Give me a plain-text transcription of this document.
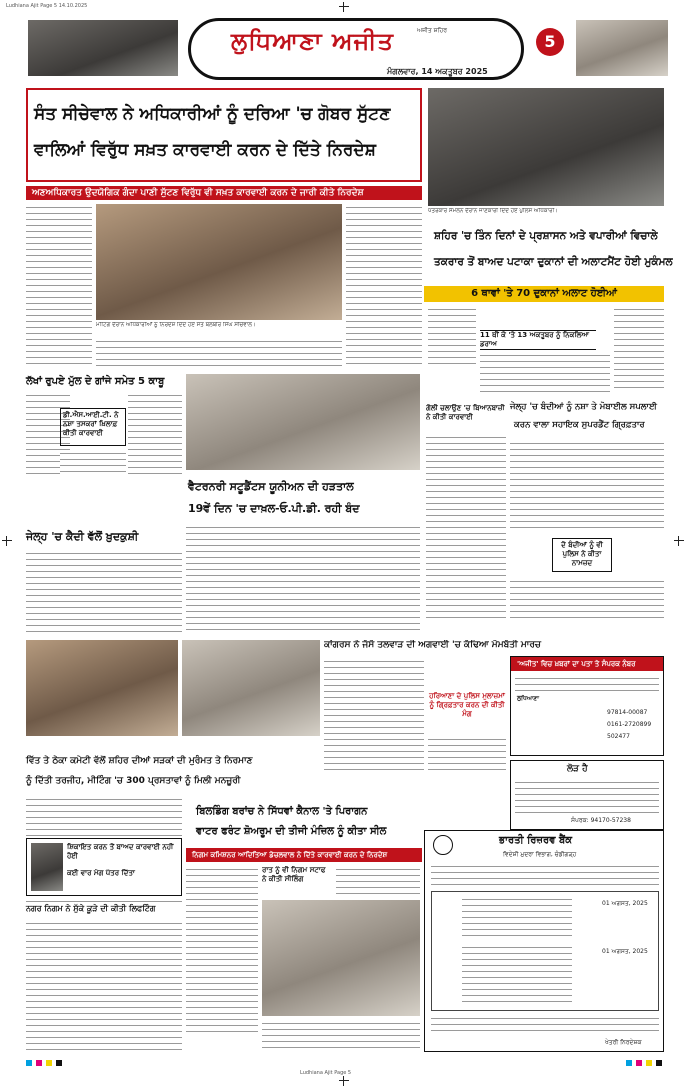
Ludhiana Ajit Page 5 14.10.2025
ਲੁਧਿਆਣਾ ਅਜੀਤ	ਅਜੀਤ ਸ਼ਹਿਰ
ਮੰਗਲਵਾਰ, 14 ਅਕਤੂਬਰ 2025
5
ਸੰਤ ਸੀਚੇਵਾਲ ਨੇ ਅਧਿਕਾਰੀਆਂ ਨੂੰ ਦਰਿਆ 'ਚ ਗੋਬਰ ਸੁੱਟਣ
ਵਾਲਿਆਂ ਵਿਰੁੱਧ ਸਖ਼ਤ ਕਾਰਵਾਈ ਕਰਨ ਦੇ ਦਿੱਤੇ ਨਿਰਦੇਸ਼
ਅਣਅਧਿਕਾਰਤ ਉਦਯੋਗਿਕ ਗੰਦਾ ਪਾਣੀ ਸੁੱਟਣ ਵਿਰੁੱਧ ਵੀ ਸਖ਼ਤ ਕਾਰਵਾਈ ਕਰਨ ਦੇ ਜਾਰੀ ਕੀਤੇ ਨਿਰਦੇਸ਼
ਮੀਟਿੰਗ ਦੌਰਾਨ ਅਧਿਕਾਰੀਆਂ ਨੂੰ ਨਿਰਦੇਸ਼ ਦਿੰਦੇ ਹੋਏ ਸੰਤ ਬਲਬੀਰ ਸਿੰਘ ਸੀਚੇਵਾਲ।
ਪੱਤਰਕਾਰ ਸੰਮੇਲਨ ਦੌਰਾਨ ਜਾਣਕਾਰੀ ਦਿੰਦੇ ਹੋਏ ਪੁਲਿਸ ਅਧਿਕਾਰੀ।
ਸ਼ਹਿਰ 'ਚ ਤਿੰਨ ਦਿਨਾਂ ਦੇ ਪ੍ਰਸ਼ਾਸਨ ਅਤੇ ਵਪਾਰੀਆਂ ਵਿਚਾਲੇ
ਤਕਰਾਰ ਤੋਂ ਬਾਅਦ ਪਟਾਕਾ ਦੁਕਾਨਾਂ ਦੀ ਅਲਾਟਮੈਂਟ ਹੋਈ ਮੁਕੰਮਲ
6 ਥਾਵਾਂ 'ਤੇ 70 ਦੁਕਾਨਾਂ ਅਲਾਟ ਹੋਈਆਂ
11 ਥੀਂ ਕੇ 'ਤੇ 13 ਅਕਤੂਬਰ ਨੂੰ ਨਿਕਲਿਆ ਡਰਾਅ
ਲੱਖਾਂ ਰੁਪਏ ਮੁੱਲ ਦੇ ਗਾਂਜੇ ਸਮੇਤ 5 ਕਾਬੂ
ਡੀ.ਐਸ.ਆਈ.ਟੀ. ਨੇ ਨਸ਼ਾ ਤਸਕਰਾਂ ਖ਼ਿਲਾਫ਼ ਕੀਤੀ ਕਾਰਵਾਈ
ਜੇਲ੍ਹ 'ਚ ਕੈਦੀ ਵੱਲੋਂ ਖ਼ੁਦਕੁਸ਼ੀ
ਵੈਟਰਨਰੀ ਸਟੂਡੈਂਟਸ ਯੂਨੀਅਨ ਦੀ ਹੜਤਾਲ
19ਵੇਂ ਦਿਨ 'ਚ ਦਾਖ਼ਲ-ਓ.ਪੀ.ਡੀ. ਰਹੀ ਬੰਦ
ਗੋਲੀ ਚਲਾਉਣ 'ਚ ਬਿਆਨਬਾਜ਼ੀ ਨੇ ਕੀਤੀ ਕਾਰਵਾਈ
ਜੇਲ੍ਹ 'ਚ ਬੰਦੀਆਂ ਨੂੰ ਨਸ਼ਾ ਤੇ ਮੋਬਾਈਲ ਸਪਲਾਈ
ਕਰਨ ਵਾਲਾ ਸਹਾਇਕ ਸੁਪਰਡੈਂਟ ਗ੍ਰਿਫ਼ਤਾਰ
ਦੋ ਬੰਦੀਆਂ ਨੂੰ ਵੀ ਪੁਲਿਸ ਨੇ ਕੀਤਾ ਨਾਮਜ਼ਦ
ਵਿੱਤ ਤੇ ਠੇਕਾ ਕਮੇਟੀ ਵੱਲੋਂ ਸ਼ਹਿਰ ਦੀਆਂ ਸੜਕਾਂ ਦੀ ਮੁਰੰਮਤ ਤੇ ਨਿਰਮਾਣ
ਨੂੰ ਦਿੱਤੀ ਤਰਜੀਹ, ਮੀਟਿੰਗ 'ਚ 300 ਪ੍ਰਸਤਾਵਾਂ ਨੂੰ ਮਿਲੀ ਮਨਜ਼ੂਰੀ
ਕਾਂਗਰਸ ਨੇ ਜੱਸੋ ਤਲਵਾੜ ਦੀ ਅਗਵਾਈ 'ਚ ਕੱਢਿਆ ਮੋਮਬੱਤੀ ਮਾਰਚ
ਹਰਿਆਣਾ ਦੇ ਪੁਲਿਸ ਮੁਲਾਜ਼ਮਾਂ ਨੂੰ ਗ੍ਰਿਫ਼ਤਾਰ ਕਰਨ ਦੀ ਕੀਤੀ ਮੰਗ
'ਅਜੀਤ' ਵਿਚ ਖ਼ਬਰਾਂ ਦਾ ਪਤਾ ਤੇ ਸੰਪਰਕ ਨੰਬਰ
ਲੁਧਿਆਣਾ
97814-00087
0161-2720899
502477
ਲੋੜ ਹੈ
ਸੰਪਰਕ: 94170-57238
ਬਿਲਡਿੰਗ ਬਰਾਂਚ ਨੇ ਸਿੱਧਵਾਂ ਕੈਨਾਲ 'ਤੇ ਪਿਰਾਗਨ
ਵਾਟਰ ਫਰੰਟ ਸ਼ੋਅਰੂਮ ਦੀ ਤੀਜੀ ਮੰਜ਼ਿਲ ਨੂੰ ਕੀਤਾ ਸੀਲ
ਨਿਗਮ ਕਮਿਸ਼ਨਰ ਆਦਿਤਿਆ ਡੇਚਲਵਾਲ ਨੇ ਦਿੱਤੇ ਕਾਰਵਾਈ ਕਰਨ ਦੇ ਨਿਰਦੇਸ਼
ਰਾਤ ਨੂੰ ਵੀ ਨਿਗਮ ਸਟਾਫ ਨੇ ਕੀਤੀ ਸੀਲਿੰਗ
ਸ਼ਿਕਾਇਤ ਕਰਨ ਤੋਂ ਬਾਅਦ ਕਾਰਵਾਈ ਨਹੀਂ ਹੋਈ
ਕਈ ਵਾਰ ਮੰਗ ਪੱਤਰ ਦਿੱਤਾ
ਨਗਰ ਨਿਗਮ ਨੇ ਸੁੱਕੇ ਕੂੜੇ ਦੀ ਕੀਤੀ ਲਿਫਟਿੰਗ
ਭਾਰਤੀ ਰਿਜ਼ਰਵ ਬੈਂਕ
ਵਿਦੇਸ਼ੀ ਮੁਦਰਾ ਵਿਭਾਗ, ਚੰਡੀਗੜ੍ਹ
01 ਅਗਸਤ, 2025
01 ਅਗਸਤ, 2025
ਖੇਤਰੀ ਨਿਰਦੇਸ਼ਕ
Ludhiana Ajit Page 5
